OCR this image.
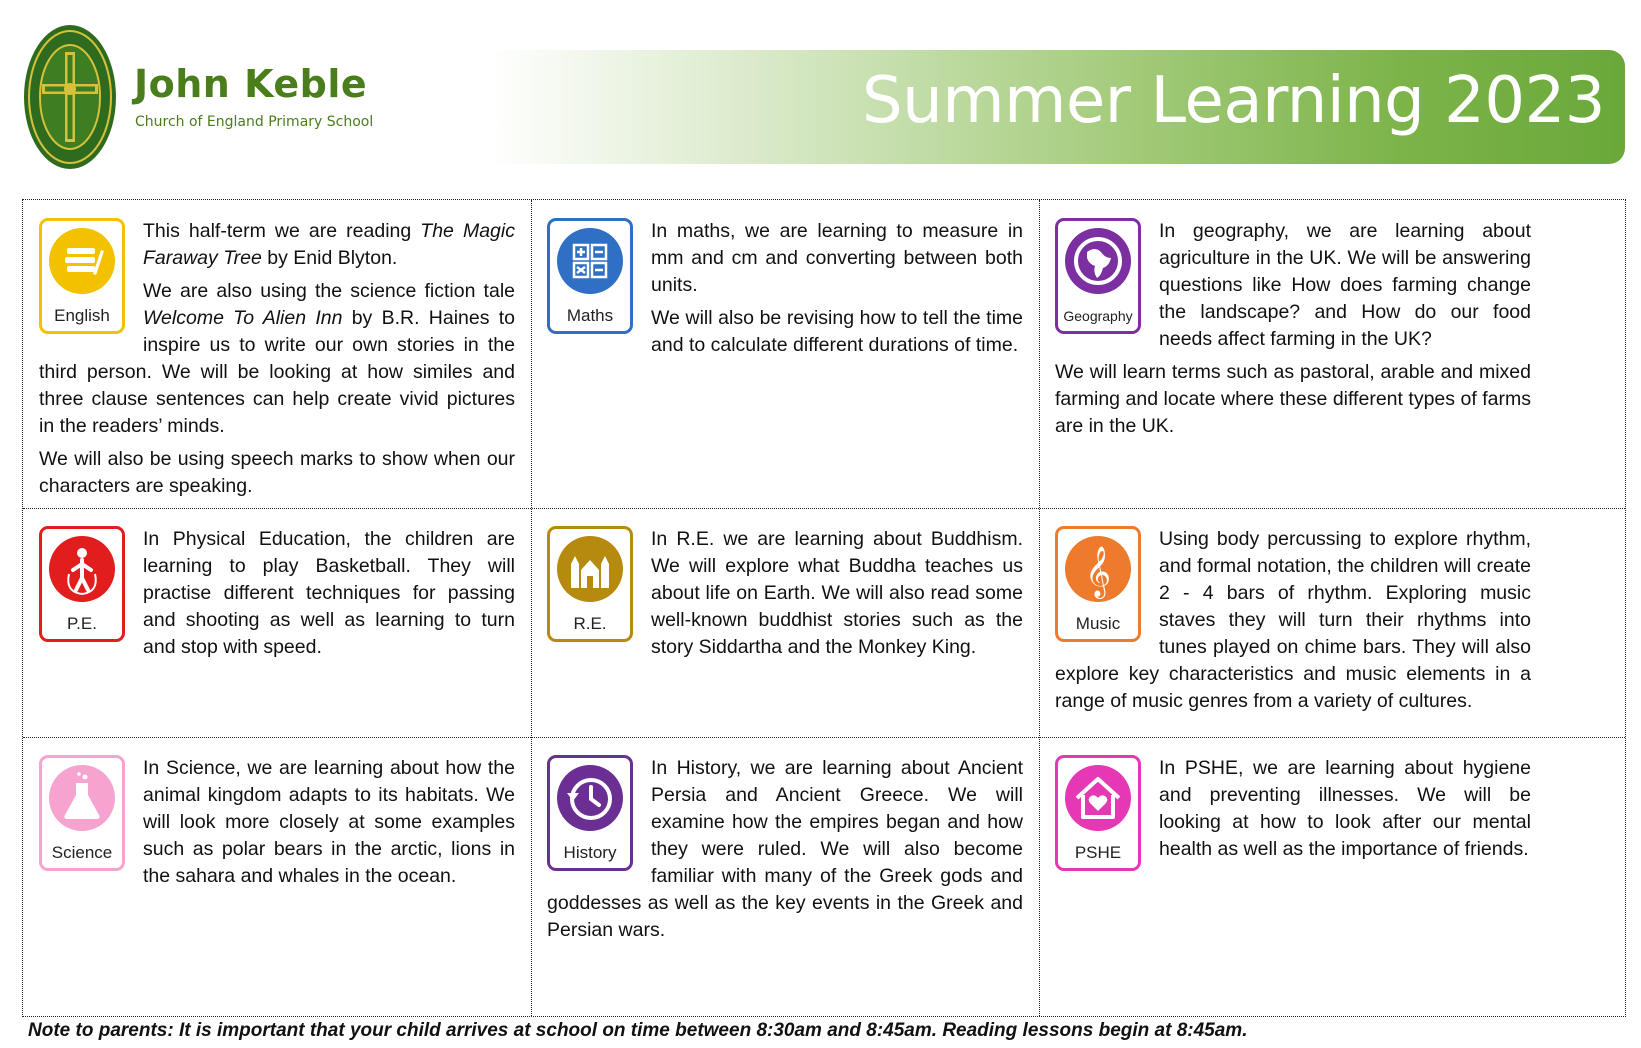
John Keble
Church of England Primary School	Summer Learning 2023
English

This half-term we are reading The Magic Faraway Tree by Enid Blyton.

We are also using the science fiction tale Welcome To Alien Inn by B.R. Haines to inspire us to write our own stories in the third person. We will be looking at how similes and three clause sentences can help create vivid pictures in the readers’ minds.

We will also be using speech marks to show when our characters are speaking.

Maths

In maths, we are learning to measure in mm and cm and converting between both units.

We will also be revising how to tell the time and to calculate different durations of time.

Geography

In geography, we are learning about agriculture in the UK. We will be answering questions like How does farming change the landscape? and How do our food needs affect farming in the UK?

We will learn terms such as pastoral, arable and mixed farming and locate where these different types of farms are in the UK.

P.E.

In Physical Education, the children are learning to play Basketball. They will practise different techniques for passing and shooting as well as learning to turn and stop with speed.

R.E.

In R.E. we are learning about Buddhism. We will explore what Buddha teaches us about life on Earth. We will also read some well-known buddhist stories such as the story Siddartha and the Monkey King.

𝄞
Music

Using body percussing to explore rhythm, and formal notation, the children will create 2 - 4 bars of rhythm. Exploring music staves they will turn their rhythms into tunes played on chime bars. They will also explore key characteristics and music elements in a range of music genres from a variety of cultures.

Science

In Science, we are learning about how the animal kingdom adapts to its habitats. We will look more closely at some examples such as polar bears in the arctic, lions in the sahara and whales in the ocean.

History

In History, we are learning about Ancient Persia and Ancient Greece. We will examine how the empires began and how they were ruled. We will also become familiar with many of the Greek gods and goddesses as well as the key events in the Greek and Persian wars.

PSHE

In PSHE, we are learning about hygiene and preventing illnesses. We will be looking at how to look after our mental health as well as the importance of friends.

Note to parents: It is important that your child arrives at school on time between 8:30am and 8:45am. Reading lessons begin at 8:45am.
